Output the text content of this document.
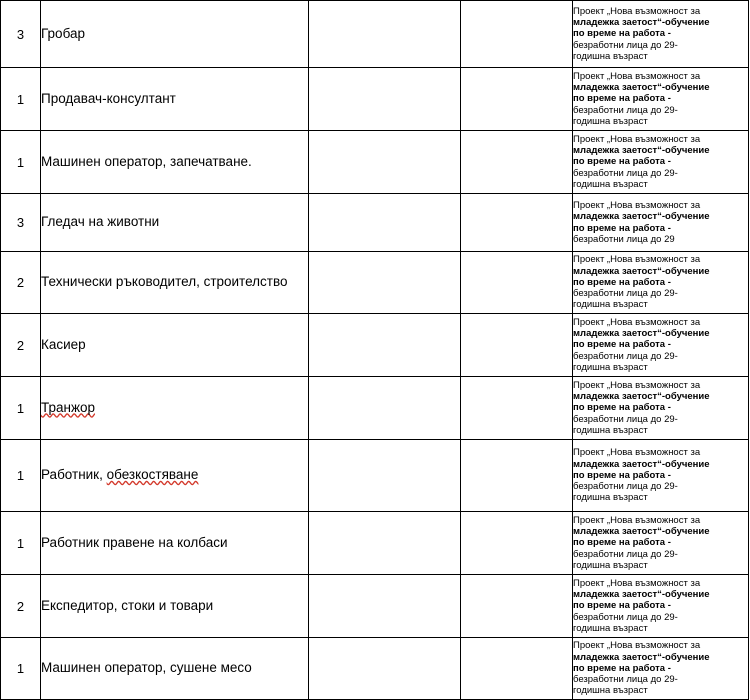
3	Гробар			Проект „Нова възможност за
младежка заетост“-обучение
по време на работа -
безработни лица до 29-
годишна възраст

1	Продавач-консултант			Проект „Нова възможност за
младежка заетост“-обучение
по време на работа -
безработни лица до 29-
годишна възраст

1	Машинен оператор, запечатване.			Проект „Нова възможност за
младежка заетост“-обучение
по време на работа -
безработни лица до 29-
годишна възраст

3	Гледач на животни			Проект „Нова възможност за
младежка заетост“-обучение
по време на работа -
безработни лица до 29

2	Технически ръководител, строителство			Проект „Нова възможност за
младежка заетост“-обучение
по време на работа -
безработни лица до 29-
годишна възраст

2	Касиер			Проект „Нова възможност за
младежка заетост“-обучение
по време на работа -
безработни лица до 29-
годишна възраст

1	Транжор			Проект „Нова възможност за
младежка заетост“-обучение
по време на работа -
безработни лица до 29-
годишна възраст

1	Работник, обезкостяване			Проект „Нова възможност за
младежка заетост“-обучение
по време на работа -
безработни лица до 29-
годишна възраст

1	Работник правене на колбаси			Проект „Нова възможност за
младежка заетост“-обучение
по време на работа -
безработни лица до 29-
годишна възраст

2	Експедитор, стоки и товари			Проект „Нова възможност за
младежка заетост“-обучение
по време на работа -
безработни лица до 29-
годишна възраст

1	Машинен оператор, сушене месо			Проект „Нова възможност за
младежка заетост“-обучение
по време на работа -
безработни лица до 29-
годишна възраст
